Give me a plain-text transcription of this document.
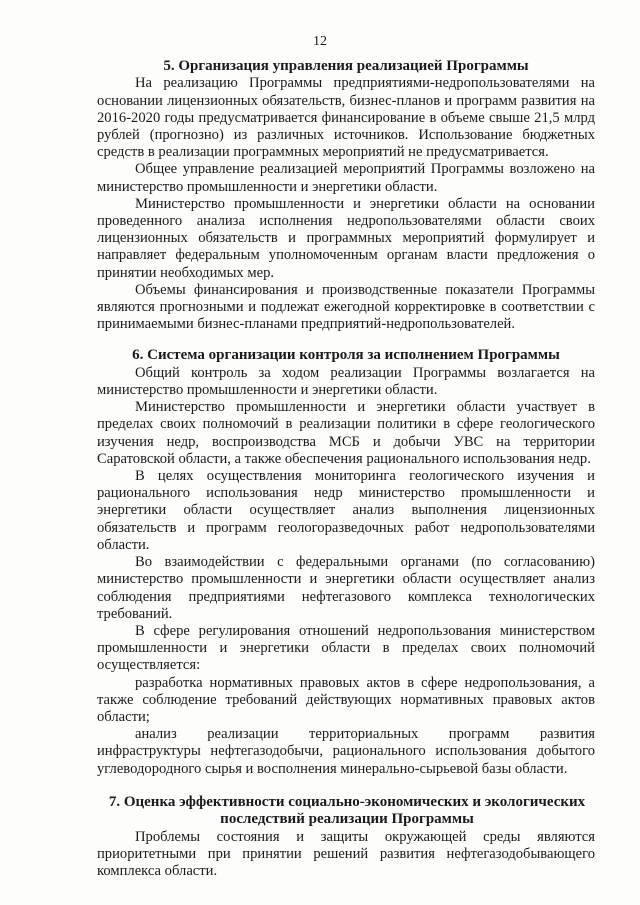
12
5. Организация управления реализацией Программы

На реализацию Программы предприятиями-недропользователями на основании лицензионных обязательств, бизнес-планов и программ развития на 2016-2020 годы предусматривается финансирование в объеме свыше 21,5 млрд рублей (прогнозно) из различных источников. Использование бюджетных средств в реализации программных мероприятий не предусматривается.

Общее управление реализацией мероприятий Программы возложено на министерство промышленности и энергетики области.

Министерство промышленности и энергетики области на основании проведенного анализа исполнения недропользователями области своих лицензионных обязательств и программных мероприятий формулирует и направляет федеральным уполномоченным органам власти предложения о принятии необходимых мер.

Объемы финансирования и производственные показатели Программы являются прогнозными и подлежат ежегодной корректировке в соответствии с принимаемыми бизнес-планами предприятий-недропользователей.

6. Система организации контроля за исполнением Программы

Общий контроль за ходом реализации Программы возлагается на министерство промышленности и энергетики области.

Министерство промышленности и энергетики области участвует в пределах своих полномочий в реализации политики в сфере геологического изучения недр, воспроизводства МСБ и добычи УВС на территории Саратовской области, а также обеспечения рационального использования недр.

В целях осуществления мониторинга геологического изучения и рационального использования недр министерство промышленности и энергетики области осуществляет анализ выполнения лицензионных обязательств и программ геологоразведочных работ недропользователями области.

Во взаимодействии с федеральными органами (по согласованию) министерство промышленности и энергетики области осуществляет анализ соблюдения предприятиями нефтегазового комплекса технологических требований.

В сфере регулирования отношений недропользования министерством промышленности и энергетики области в пределах своих полномочий осуществляется:

разработка нормативных правовых актов в сфере недропользования, а также соблюдение требований действующих нормативных правовых актов области;

анализ реализации территориальных программ развития инфраструктуры нефтегазодобычи, рационального использования добытого углеводородного сырья и восполнения минерально-сырьевой базы области.

7. Оценка эффективности социально-экономических и экологических последствий реализации Программы

Проблемы состояния и защиты окружающей среды являются приоритетными при принятии решений развития нефтегазодобывающего комплекса области.
